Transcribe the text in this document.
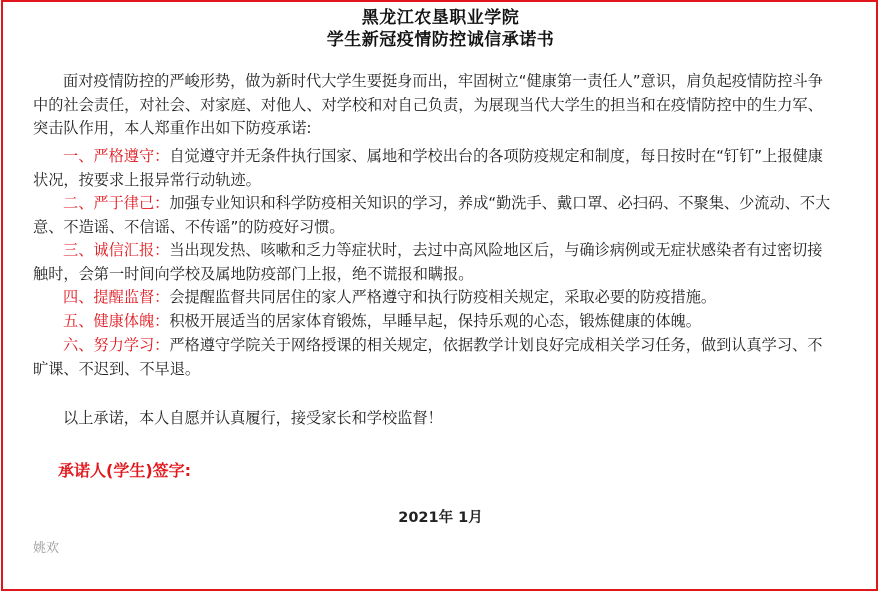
黑龙江农垦职业学院
学生新冠疫情防控诚信承诺书
面对疫情防控的严峻形势，做为新时代大学生要挺身而出，牢固树立“健康第一责任人”意识，肩负起疫情防控斗争中的社会责任，对社会、对家庭、对他人、对学校和对自己负责，为展现当代大学生的担当和在疫情防控中的生力军、突击队作用，本人郑重作出如下防疫承诺:
一、严格遵守：自觉遵守并无条件执行国家、属地和学校出台的各项防疫规定和制度，每日按时在“钉钉”上报健康状况，按要求上报异常行动轨迹。
二、严于律己：加强专业知识和科学防疫相关知识的学习，养成“勤洗手、戴口罩、必扫码、不聚集、少流动、不大意、不造谣、不信谣、不传谣”的防疫好习惯。
三、诚信汇报：当出现发热、咳嗽和乏力等症状时，去过中高风险地区后，与确诊病例或无症状感染者有过密切接触时，会第一时间向学校及属地防疫部门上报，绝不谎报和瞒报。
四、提醒监督：会提醒监督共同居住的家人严格遵守和执行防疫相关规定，采取必要的防疫措施。
五、健康体魄：积极开展适当的居家体育锻炼，早睡早起，保持乐观的心态，锻炼健康的体魄。
六、努力学习：严格遵守学院关于网络授课的相关规定，依据教学计划良好完成相关学习任务，做到认真学习、不旷课、不迟到、不早退。
以上承诺，本人自愿并认真履行，接受家长和学校监督！
承诺人(学生)签字:
2021年 1月
姚欢
